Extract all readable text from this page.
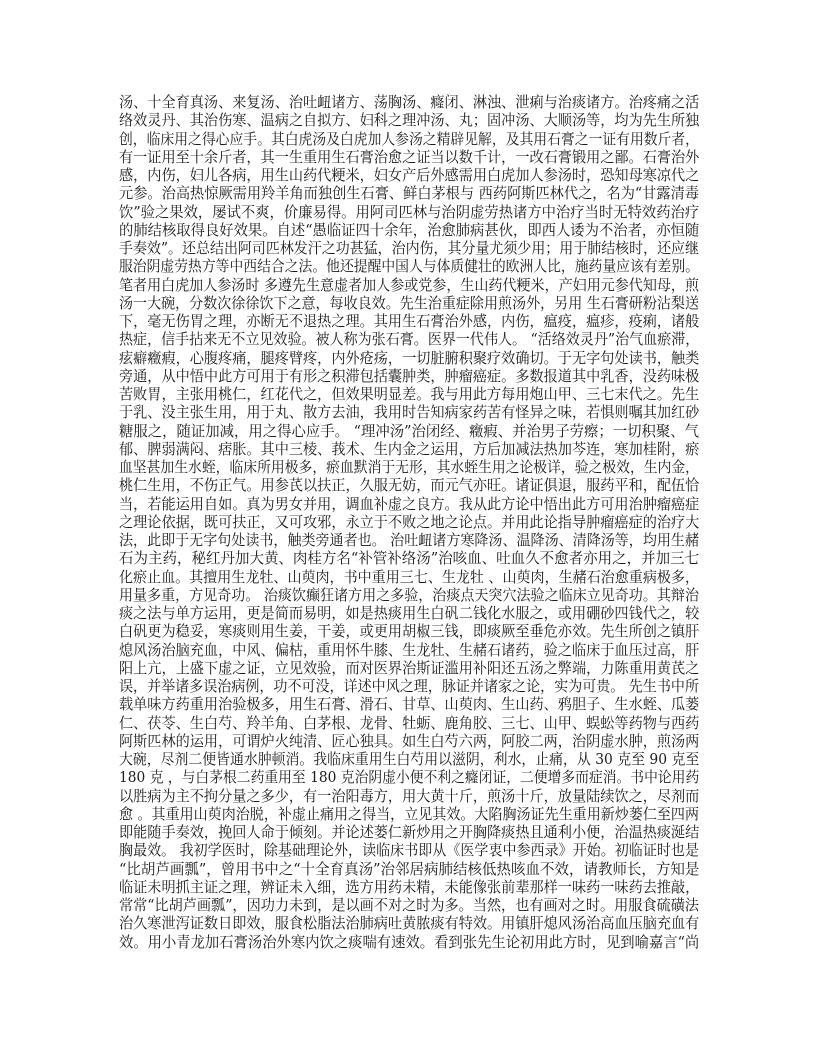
汤、十全育真汤、来复汤、治吐衄诸方、荡胸汤、癃闭、淋浊、泄痢与治痰诸方。治疼痛之活
络效灵丹、其治伤寒、温病之自拟方、妇科之理冲汤、丸；固冲汤、大顺汤等，均为先生所独
创，临床用之得心应手。其白虎汤及白虎加人参汤之精辟见解，及其用石膏之一证有用数斤者，
有一证用至十余斤者，其一生重用生石膏治愈之证当以数千计，一改石膏锻用之鄙。石膏治外
感，内伤，妇儿各病，用生山药代粳米，妇女产后外感需用白虎加人参汤时，恐知母寒凉代之
元参。治高热惊厥需用羚羊角而独创生石膏、鲜白茅根与 西药阿斯匹林代之，名为“甘露清毒
饮”验之果效，屡试不爽，价廉易得。用阿司匹林与治阴虚劳热诸方中治疗当时无特效药治疗
的肺结核取得良好效果。自述“愚临证四十余年，治愈肺病甚伙，即西人诿为不治者，亦恒随
手奏效”。还总结出阿司匹林发汗之功甚猛，治内伤，其分量尤须少用；用于肺结核时，还应继
服治阴虚劳热方等中西结合之法。他还提醒中国人与体质健壮的欧洲人比，施药量应该有差别。
笔者用白虎加人参汤时 多遵先生意虚者加人参或党参，生山药代粳米，产妇用元参代知母，煎
汤一大碗，分数次徐徐饮下之意，每收良效。先生治重症除用煎汤外，另用 生石膏研粉沾梨送
下，毫无伤胃之理，亦断无不退热之理。其用生石膏治外感，内伤，瘟疫，瘟疹，疫痢，诸般
热症，信手拈来无不立见效验。被人称为张石膏。医界一代伟人。 “活络效灵丹”治气血瘀滞，
痃癖癥瘕，心腹疼痛，腿疼臂疼，内外疮疡，一切脏腑积聚疗效确切。于无字句处读书，触类
旁通，从中悟中此方可用于有形之积滞包括囊肿类，肿瘤癌症。多数报道其中乳香，没药味极
苦败胃，主张用桃仁，红花代之，但效果明显差。我与用此方每用炮山甲、三七末代之。先生
于乳、没主张生用，用于丸、散方去油，我用时告知病家药苦有怪异之味，若惧则嘱其加红砂
糖服之，随证加减，用之得心应手。 “理冲汤”治闭经、癥瘕、并治男子劳瘵；一切积聚、气
郁、脾弱满闷、痞胀。其中三棱、莪术、生内金之运用，方后加减法热加芩连，寒加桂附，瘀
血坚甚加生水蛭，临床所用极多，瘀血默消于无形，其水蛭生用之论极详，验之极效，生内金，
桃仁生用，不伤正气。用参芪以扶正，久服无妨，而元气亦旺。诸证俱退，服药平和，配伍恰
当，若能运用自如。真为男女并用，调血补虚之良方。我从此方论中悟出此方可用治肿瘤癌症
之理论依据，既可扶正，又可攻邪，永立于不败之地之论点。并用此论指导肿瘤癌症的治疗大
法，此即于无字句处读书，触类旁通者也。 治吐衄诸方寒降汤、温降汤、清降汤等，均用生赭
石为主药，秘红丹加大黄、肉桂方名“补管补络汤”治咳血、吐血久不愈者亦用之，并加三七
化瘀止血。其擅用生龙牡、山萸肉，书中重用三七、生龙牡 、山萸肉，生赭石治愈重病极多，
用量多重，方见奇功。 治痰饮癫狂诸方用之多验，治痰点天突穴法验之临床立见奇功。其辩治
痰之法与单方运用，更是简而易明，如是热痰用生白矾二钱化水服之，或用硼砂四钱代之，较
白矾更为稳妥，寒痰则用生姜，干姜，或更用胡椒三钱，即痰厥至垂危亦效。先生所创之镇肝
熄风汤治脑充血，中风、偏枯，重用怀牛膝、生龙牡、生赭石诸药，验之临床于血压过高，肝
阳上亢，上盛下虚之证，立见效验，而对医界治斯证滥用补阳还五汤之弊端，力陈重用黄芪之
误，并举诸多误治病例，功不可没，详述中风之理，脉证并诸家之论，实为可贵。 先生书中所
载单味方药重用治验极多，用生石膏、滑石、甘草、山萸肉、生山药、鸦胆子、生水蛭、瓜蒌
仁、茯苓、生白芍、羚羊角、白茅根、龙骨、牡蛎、鹿角胶、三七、山甲、蜈蚣等药物与西药
阿斯匹林的运用，可谓炉火纯清、匠心独具。如生白芍六两，阿胶二两，治阴虚水肿，煎汤两
大碗，尽剂二便皆通水肿顿消。我临床重用生白芍用以滋阴，利水，止痛，从 30 克至 90 克至
180 克 ，与白茅根二药重用至 180 克治阴虚小便不利之癃闭证，二便增多而症消。书中论用药
以胜病为主不拘分量之多少，有一治阳毒方，用大黄十斤，煎汤十斤，放量陆续饮之，尽剂而
愈 。其重用山萸肉治脱，补虚止痛用之得当，立见其效。大陷胸汤证先生重用新炒蒌仁至四两
即能随手奏效，挽回人命于倾刻。并论述蒌仁新炒用之开胸降痰热且通利小便，治温热痰涎结
胸最效。 我初学医时，除基础理论外，读临床书即从《医学衷中参西录》开始。初临证时也是
“比胡芦画瓢”，曾用书中之“十全育真汤”治邻居病肺结核低热咳血不效，请教师长，方知是
临证未明抓主证之理，辨证未入细，选方用药未精，未能像张前辈那样一味药一味药去推敲，
常常“比胡芦画瓢”，因功力未到，是以画不对之时为多。当然，也有画对之时。用服食硫磺法
治久寒泄泻证数日即效，服食松脂法治肺病吐黄脓痰有特效。用镇肝熄风汤治高血压脑充血有
效。用小青龙加石膏汤治外寒内饮之痰喘有速效。看到张先生论初用此方时，见到喻嘉言“尚
